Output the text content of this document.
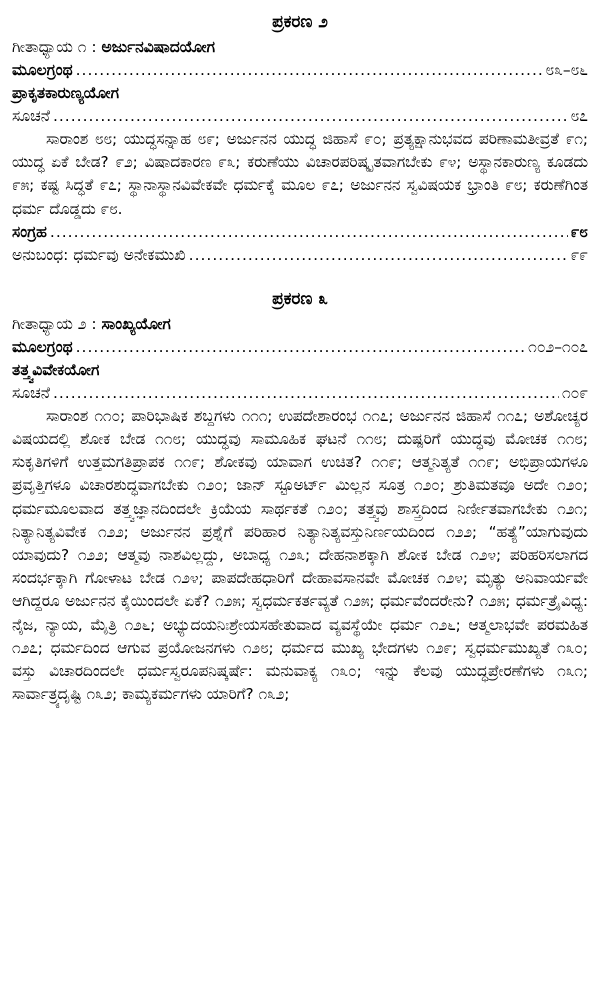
ಪ್ರಕರಣ ೨
ಗೀತಾಧ್ಯಾಯ ೧ : ಅರ್ಜುನವಿಷಾದಯೋಗ
ಮೂಲಗ್ರಂಥ .....	೮೩–೮೬
ಪ್ರಾಕೃತಕಾರುಣ್ಯಯೋಗ
ಸೂಚನೆ .....	೮೭

ಸಾರಾಂಶ ೮೮; ಯುದ್ಧಸನ್ನಾಹ ೮೯; ಅರ್ಜುನನ ಯುದ್ಧ ಜಿಹಾಸೆ ೯೦; ಪ್ರತ್ಯಕ್ಷಾನುಭವದ ಪರಿಣಾಮತೀವ್ರತೆ ೯೧; ಯುದ್ಧ ಏಕೆ ಬೇಡ? ೯೨; ವಿಷಾದಕಾರಣ ೯೩; ಕರುಣೆಯು ವಿಚಾರಪರಿಷ್ಕೃತವಾಗಬೇಕು ೯೪; ಅಸ್ಥಾನಕಾರುಣ್ಯ ಕೂಡದು ೯೫; ಕಷ್ಟ ಸಿದ್ಧತೆ ೯೭; ಸ್ಥಾನಾಸ್ಥಾನವಿವೇಕವೇ ಧರ್ಮಕ್ಕೆ ಮೂಲ ೯೭; ಅರ್ಜುನನ ಸ್ವವಿಷಯಕ ಭ್ರಾಂತಿ ೯೮; ಕರುಣೆಗಿಂತ ಧರ್ಮ ದೊಡ್ಡದು ೯೮.

ಸಂಗ್ರಹ .....	೯೮
ಅನುಬಂಧ: ಧರ್ಮವು ಅನೇಕಮುಖಿ .....	೯೯
ಪ್ರಕರಣ ೩
ಗೀತಾಧ್ಯಾಯ ೨ : ಸಾಂಖ್ಯಯೋಗ
ಮೂಲಗ್ರಂಥ .....	೧೦೨–೧೦೭
ತತ್ತ್ವವಿವೇಕಯೋಗ
ಸೂಚನೆ .....	೧೦೯

ಸಾರಾಂಶ ೧೧೦; ಪಾರಿಭಾಷಿಕ ಶಬ್ದಗಳು ೧೧೧; ಉಪದೇಶಾರಂಭ ೧೧೭; ಅರ್ಜುನನ ಜಿಹಾಸೆ ೧೧೭; ಅಶೋಚ್ಯರ ವಿಷಯದಲ್ಲಿ ಶೋಕ ಬೇಡ ೧೧೮; ಯುದ್ಧವು ಸಾಮೂಹಿಕ ಘಟನೆ ೧೧೮; ದುಷ್ಪರಿಗೆ ಯುದ್ಧವು ಮೋಚಕ ೧೧೮; ಸುಕೃತಿಗಳಿಗೆ ಉತ್ತಮಗತಿಪ್ರಾಪಕ ೧೧೯; ಶೋಕವು ಯಾವಾಗ ಉಚಿತ? ೧೧೯; ಆತ್ಮನಿತ್ಯತೆ ೧೧೯; ಅಭಿಪ್ರಾಯಗಳೂ ಪ್ರವೃತ್ತಿಗಳೂ ವಿಚಾರಶುದ್ಧವಾಗಬೇಕು ೧೨೦; ಜಾನ್ ಸ್ಟೂಅರ್ಟ್ ಮಿಲ್ಲನ ಸೂತ್ರ ೧೨೦; ಶ್ರುತಿಮತವೂ ಅದೇ ೧೨೦; ಧರ್ಮಮೂಲವಾದ ತತ್ತ್ವಜ್ಞಾನದಿಂದಲೇ ಕ್ರಿಯೆಯ ಸಾರ್ಥಕತೆ ೧೨೦; ತತ್ತ್ವವು ಶಾಸ್ತ್ರದಿಂದ ನಿರ್ಣೀತವಾಗಬೇಕು ೧೨೧; ನಿತ್ಯಾನಿತ್ಯವಿವೇಕ ೧೨೨; ಅರ್ಜುನನ ಪ್ರಶ್ನೆಗೆ ಪರಿಹಾರ ನಿತ್ಯಾನಿತ್ಯವಸ್ತುನಿರ್ಣಯದಿಂದ ೧೨೨; “ಹತ್ಯೆ”ಯಾಗುವುದು ಯಾವುದು? ೧೨೨; ಆತ್ಮವು ನಾಶವಿಲ್ಲದ್ದು, ಅಬಾಧ್ಯ ೧೨೩; ದೇಹನಾಶಕ್ಕಾಗಿ ಶೋಕ ಬೇಡ ೧೨೪; ಪರಿಹರಿಸಲಾಗದ ಸಂದರ್ಭಕ್ಕಾಗಿ ಗೋಳಾಟ ಬೇಡ ೧೨೪; ಪಾಪದೇಹಧಾರಿಗೆ ದೇಹಾವಸಾನವೇ ಮೋಚಕ ೧೨೪; ಮೃತ್ಯು ಅನಿವಾರ್ಯವೇ ಆಗಿದ್ದರೂ ಅರ್ಜುನನ ಕೈಯಿಂದಲೇ ಏಕೆ? ೧೨೫; ಸ್ವಧರ್ಮಕರ್ತವ್ಯತೆ ೧೨೫; ಧರ್ಮವೆಂದರೇನು? ೧೨೫; ಧರ್ಮತ್ರೈವಿಧ್ಯ: ನೈಜ, ನ್ಯಾಯ, ಮೈತ್ರಿ ೧೨೬; ಅಭ್ಯುದಯನಿಃಶ್ರೇಯಸಹೇತುವಾದ ವ್ಯವಸ್ಥೆಯೇ ಧರ್ಮ ೧೨೬; ಆತ್ಮಲಾಭವೇ ಪರಮಹಿತ ೧೨೭; ಧರ್ಮದಿಂದ ಆಗುವ ಪ್ರಯೋಜನಗಳು ೧೨೮; ಧರ್ಮದ ಮುಖ್ಯ ಭೇದಗಳು ೧೨೯; ಸ್ವಧರ್ಮಮುಖ್ಯತೆ ೧೩೦; ವಸ್ತು ವಿಚಾರದಿಂದಲೇ ಧರ್ಮಸ್ವರೂಪನಿಷ್ಕರ್ಷೆ: ಮನುವಾಕ್ಯ ೧೩೦; ಇನ್ನು ಕೆಲವು ಯುದ್ಧಪ್ರೇರಣೆಗಳು ೧೩೧; ಸಾರ್ವಾತ್ರ್ಯದೃಷ್ಟಿ ೧೩೨; ಕಾಮ್ಯಕರ್ಮಗಳು ಯಾರಿಗೆ? ೧೩೨;
